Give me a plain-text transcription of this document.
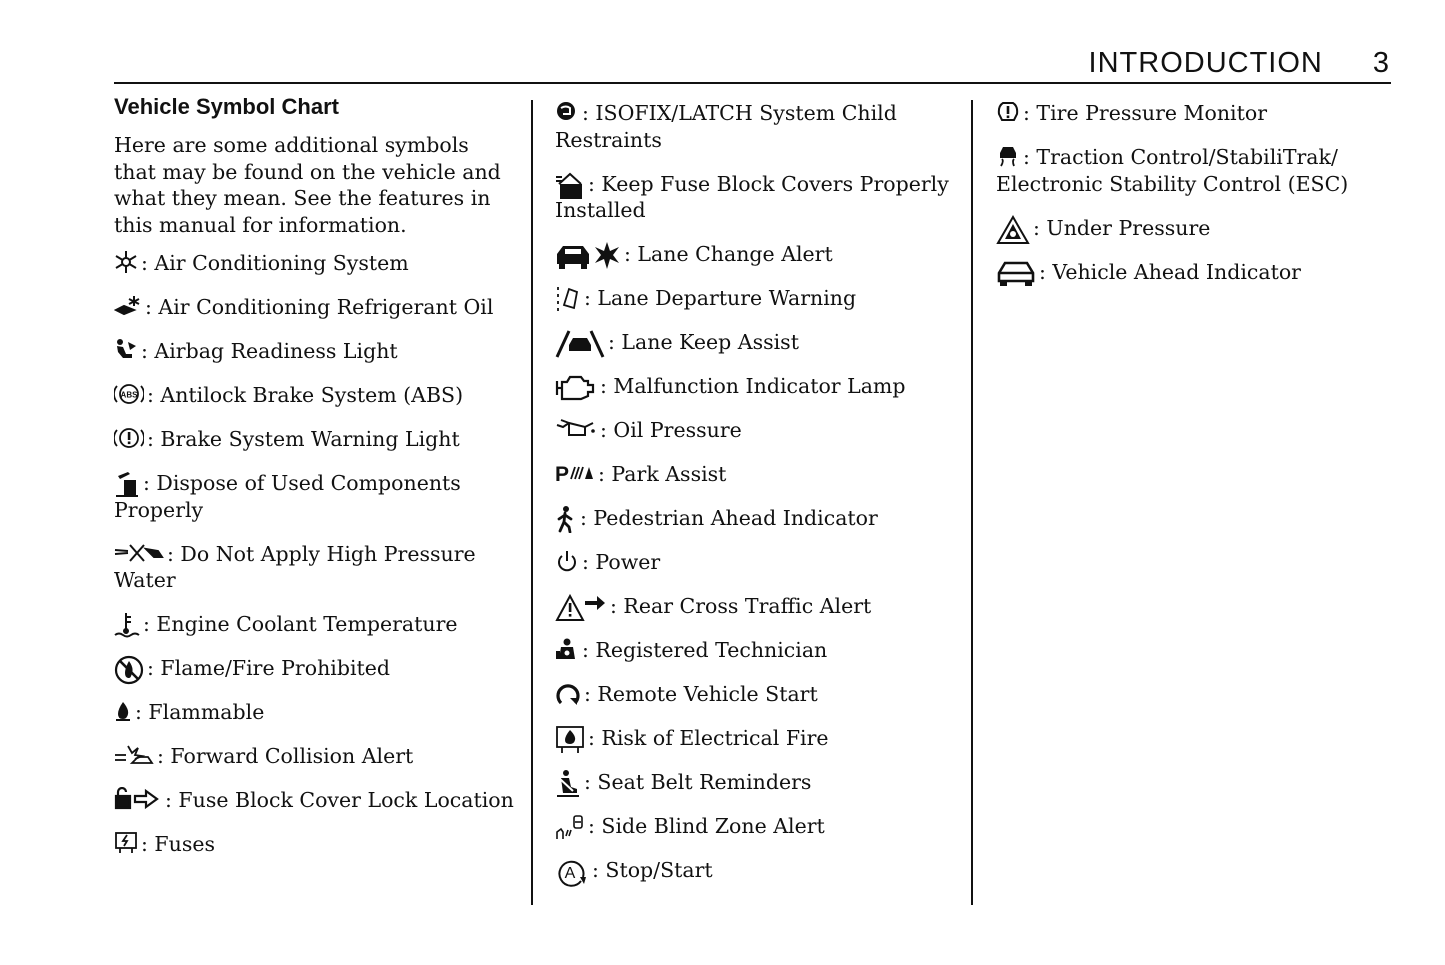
INTRODUCTION 3
Vehicle Symbol Chart

Here are some additional symbols that may be found on the vehicle and what they mean. See the features in this manual for information.

: Air Conditioning System
: Air Conditioning Refrigerant Oil
: Airbag Readiness Light
ABS : Antilock Brake System (ABS)
: Brake System Warning Light
: Dispose of Used Components Properly
: Do Not Apply High Pressure Water
: Engine Coolant Temperature
: Flame/Fire Prohibited
: Flammable
: Forward Collision Alert
: Fuse Block Cover Lock Location
: Fuses
: ISOFIX/LATCH System Child Restraints
: Keep Fuse Block Covers Properly Installed
: Lane Change Alert
: Lane Departure Warning
: Lane Keep Assist
: Malfunction Indicator Lamp
: Oil Pressure
P : Park Assist
: Pedestrian Ahead Indicator
: Power
: Rear Cross Traffic Alert
: Registered Technician
: Remote Vehicle Start
: Risk of Electrical Fire
: Seat Belt Reminders
: Side Blind Zone Alert
A : Stop/Start
: Tire Pressure Monitor
: Traction Control/StabiliTrak/ Electronic Stability Control (ESC)
: Under Pressure
: Vehicle Ahead Indicator
